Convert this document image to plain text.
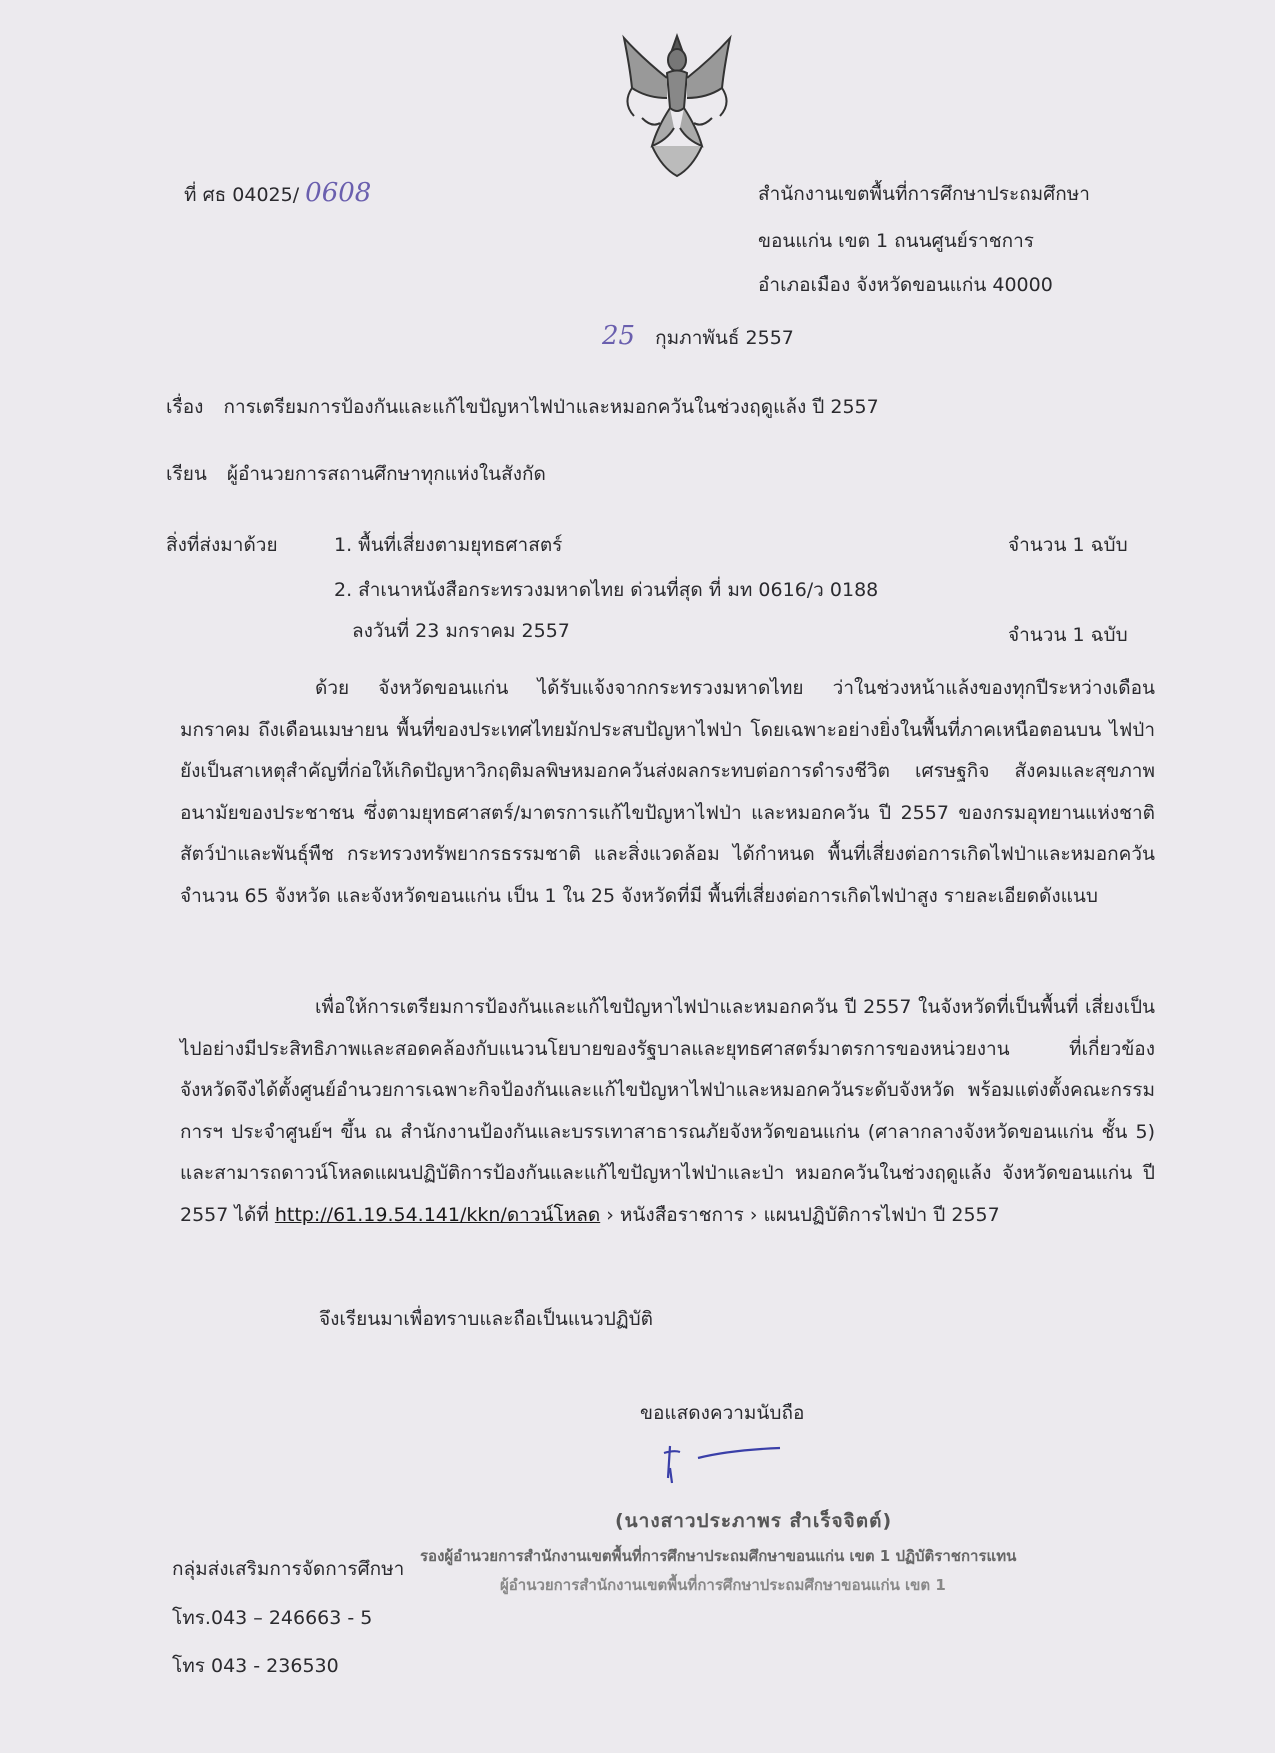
ที่ ศธ 04025/ 0608	สำนักงานเขตพื้นที่การศึกษาประถมศึกษา
ขอนแก่น เขต 1 ถนนศูนย์ราชการ
อำเภอเมือง จังหวัดขอนแก่น 40000
25 กุมภาพันธ์ 2557
เรื่อง การเตรียมการป้องกันและแก้ไขปัญหาไฟป่าและหมอกควันในช่วงฤดูแล้ง ปี 2557
เรียน ผู้อำนวยการสถานศึกษาทุกแห่งในสังกัด
สิ่งที่ส่งมาด้วย	1. พื้นที่เสี่ยงตามยุทธศาสตร์	จำนวน 1 ฉบับ
2. สำเนาหนังสือกระทรวงมหาดไทย ด่วนที่สุด ที่ มท 0616/ว 0188
ลงวันที่ 23 มกราคม 2557	จำนวน 1 ฉบับ
ด้วย จังหวัดขอนแก่น ได้รับแจ้งจากกระทรวงมหาดไทย ว่าในช่วงหน้าแล้งของทุกปีระหว่างเดือน มกราคม ถึงเดือนเมษายน พื้นที่ของประเทศไทยมักประสบปัญหาไฟป่า โดยเฉพาะอย่างยิ่งในพื้นที่ภาคเหนือตอนบน ไฟป่ายังเป็นสาเหตุสำคัญที่ก่อให้เกิดปัญหาวิกฤติมลพิษหมอกควันส่งผลกระทบต่อการดำรงชีวิต เศรษฐกิจ สังคมและสุขภาพอนามัยของประชาชน ซึ่งตามยุทธศาสตร์/มาตรการแก้ไขปัญหาไฟป่า และหมอกควัน ปี 2557 ของกรมอุทยานแห่งชาติ สัตว์ป่าและพันธุ์พืช กระทรวงทรัพยากรธรรมชาติ และสิ่งแวดล้อม ได้กำหนด พื้นที่เสี่ยงต่อการเกิดไฟป่าและหมอกควัน จำนวน 65 จังหวัด และจังหวัดขอนแก่น เป็น 1 ใน 25 จังหวัดที่มี พื้นที่เสี่ยงต่อการเกิดไฟป่าสูง รายละเอียดดังแนบ
เพื่อให้การเตรียมการป้องกันและแก้ไขปัญหาไฟป่าและหมอกควัน ปี 2557 ในจังหวัดที่เป็นพื้นที่ เสี่ยงเป็นไปอย่างมีประสิทธิภาพและสอดคล้องกับแนวนโยบายของรัฐบาลและยุทธศาสตร์มาตรการของหน่วยงาน ที่เกี่ยวข้อง จังหวัดจึงได้ตั้งศูนย์อำนวยการเฉพาะกิจป้องกันและแก้ไขปัญหาไฟป่าและหมอกควันระดับจังหวัด พร้อมแต่งตั้งคณะกรรมการฯ ประจำศูนย์ฯ ขึ้น ณ สำนักงานป้องกันและบรรเทาสาธารณภัยจังหวัดขอนแก่น (ศาลากลางจังหวัดขอนแก่น ชั้น 5) และสามารถดาวน์โหลดแผนปฏิบัติการป้องกันและแก้ไขปัญหาไฟป่าและป่า หมอกควันในช่วงฤดูแล้ง จังหวัดขอนแก่น ปี 2557 ได้ที่ http://61.19.54.141/kkn/ดาวน์โหลด › หนังสือราชการ › แผนปฏิบัติการไฟป่า ปี 2557
จึงเรียนมาเพื่อทราบและถือเป็นแนวปฏิบัติ
ขอแสดงความนับถือ
(นางสาวประภาพร สำเร็จจิตต์)
รองผู้อำนวยการสำนักงานเขตพื้นที่การศึกษาประถมศึกษาขอนแก่น เขต 1 ปฏิบัติราชการแทน
ผู้อำนวยการสำนักงานเขตพื้นที่การศึกษาประถมศึกษาขอนแก่น เขต 1
กลุ่มส่งเสริมการจัดการศึกษา
โทร.043 – 246663 - 5
โทร 043 - 236530
